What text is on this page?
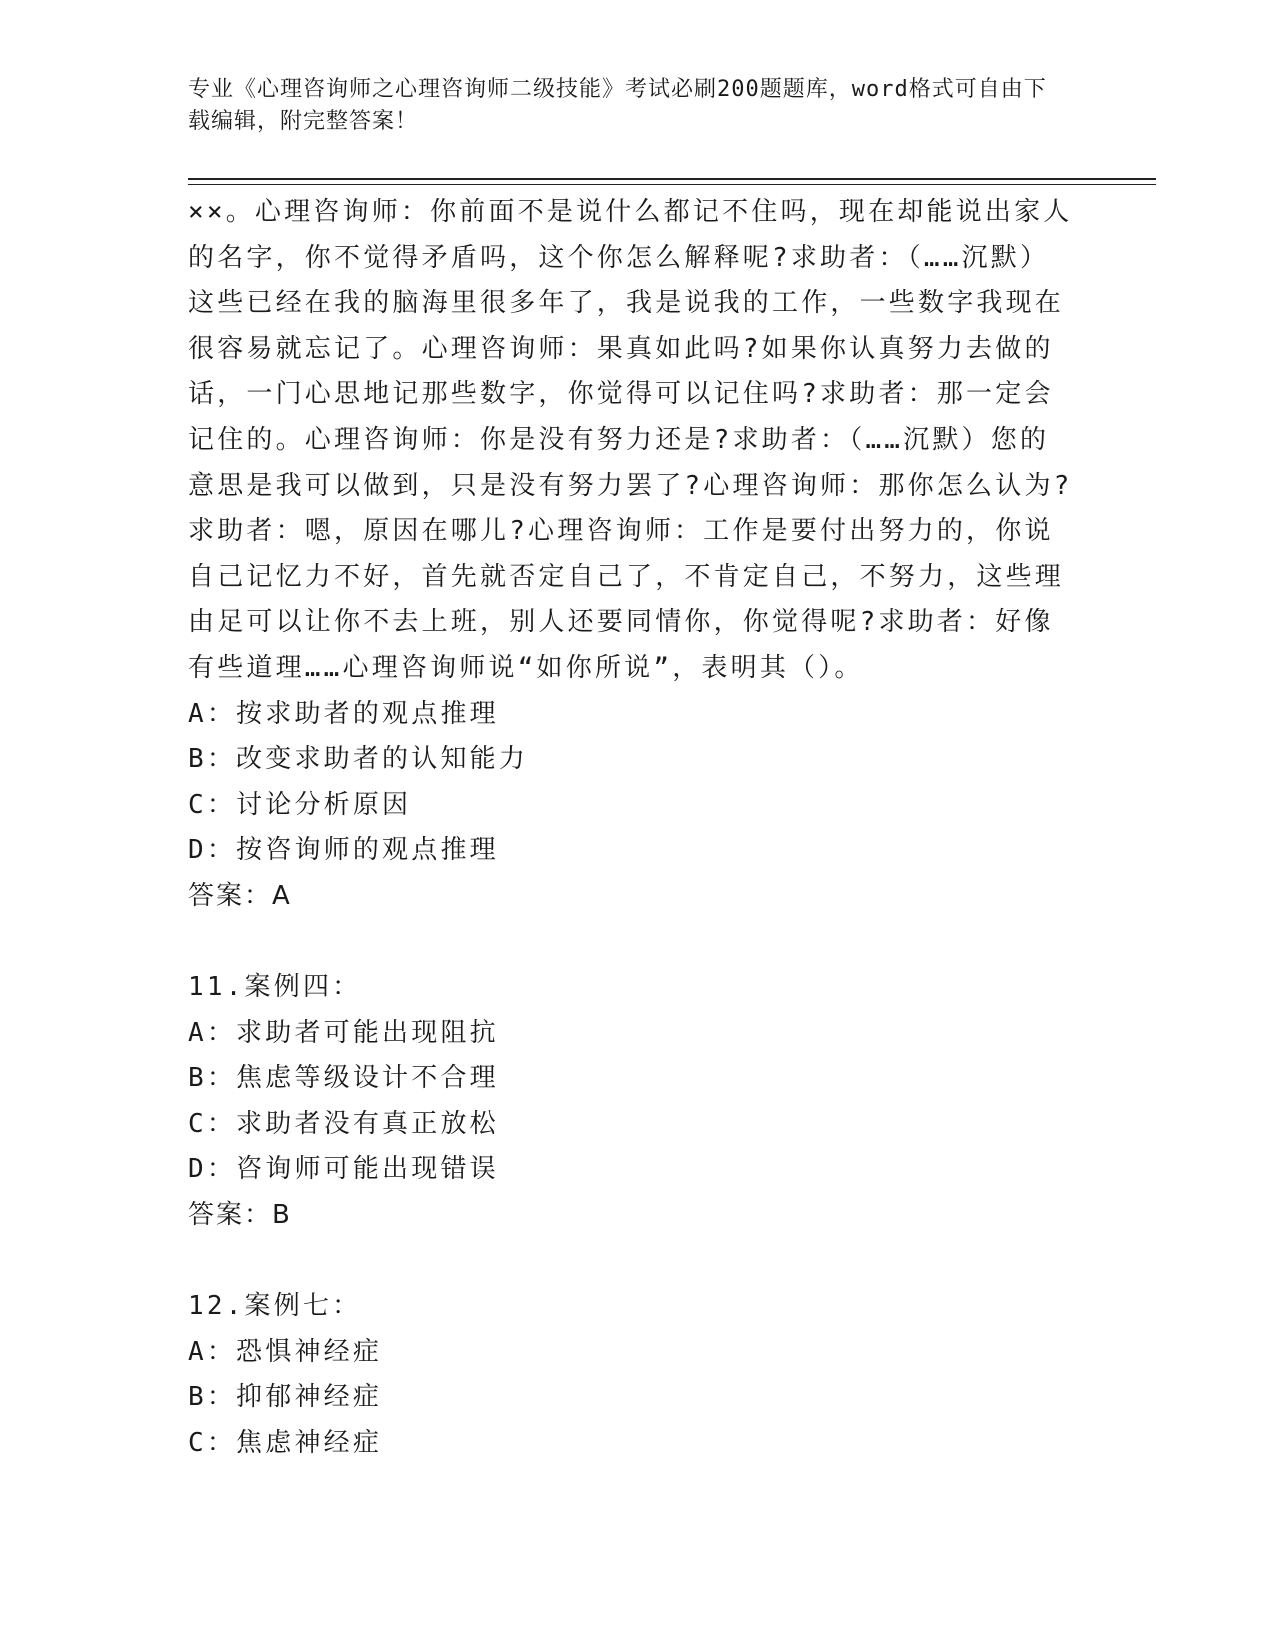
专业《心理咨询师之心理咨询师二级技能》考试必刷200题题库，word格式可自由下载编辑，附完整答案！

××。心理咨询师：你前面不是说什么都记不住吗，现在却能说出家人的名字，你不觉得矛盾吗，这个你怎么解释呢?求助者：（……沉默）这些已经在我的脑海里很多年了，我是说我的工作，一些数字我现在很容易就忘记了。心理咨询师：果真如此吗?如果你认真努力去做的话，一门心思地记那些数字，你觉得可以记住吗?求助者：那一定会记住的。心理咨询师：你是没有努力还是?求助者：（……沉默）您的意思是我可以做到，只是没有努力罢了?心理咨询师：那你怎么认为?求助者：嗯，原因在哪儿?心理咨询师：工作是要付出努力的，你说自己记忆力不好，首先就否定自己了，不肯定自己，不努力，这些理由足可以让你不去上班，别人还要同情你，你觉得呢?求助者：好像有些道理……心理咨询师说“如你所说”，表明其（）。

A：按求助者的观点推理

B：改变求助者的认知能力

C：讨论分析原因

D：按咨询师的观点推理

答案：A

11.案例四：

A：求助者可能出现阻抗

B：焦虑等级设计不合理

C：求助者没有真正放松

D：咨询师可能出现错误

答案：B

12.案例七：

A：恐惧神经症

B：抑郁神经症

C：焦虑神经症
